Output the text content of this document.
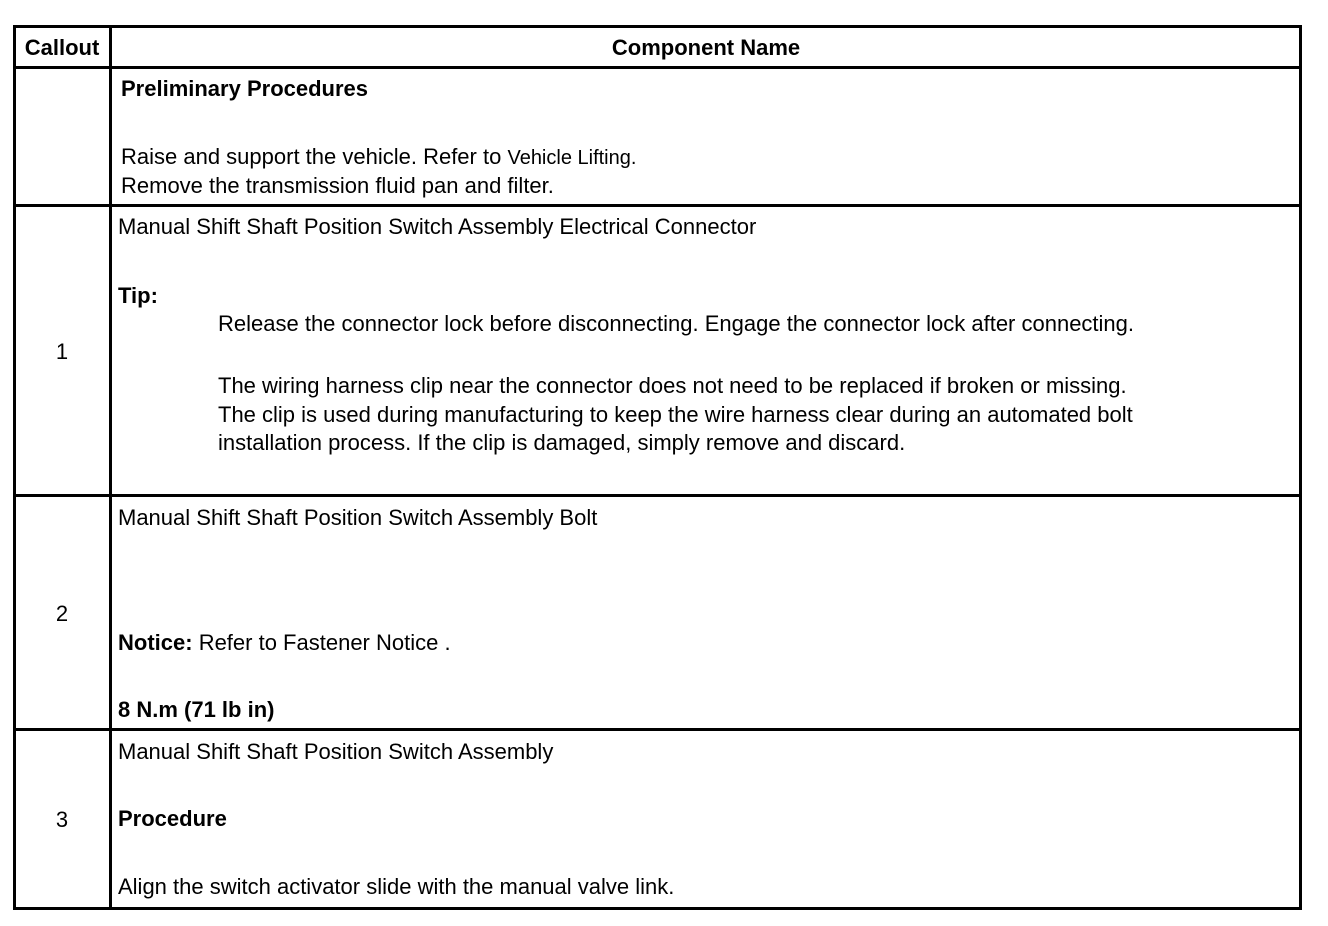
Callout	Component Name
Preliminary Procedures
Raise and support the vehicle. Refer to Vehicle Lifting.
Remove the transmission fluid pan and filter.
1
Manual Shift Shaft Position Switch Assembly Electrical Connector
Tip:
Release the connector lock before disconnecting. Engage the connector lock after connecting.
The wiring harness clip near the connector does not need to be replaced if broken or missing.
The clip is used during manufacturing to keep the wire harness clear during an automated bolt
installation process. If the clip is damaged, simply remove and discard.
2
Manual Shift Shaft Position Switch Assembly Bolt
Notice: Refer to Fastener Notice .
8 N.m (71 lb in)
3
Manual Shift Shaft Position Switch Assembly
Procedure
Align the switch activator slide with the manual valve link.
